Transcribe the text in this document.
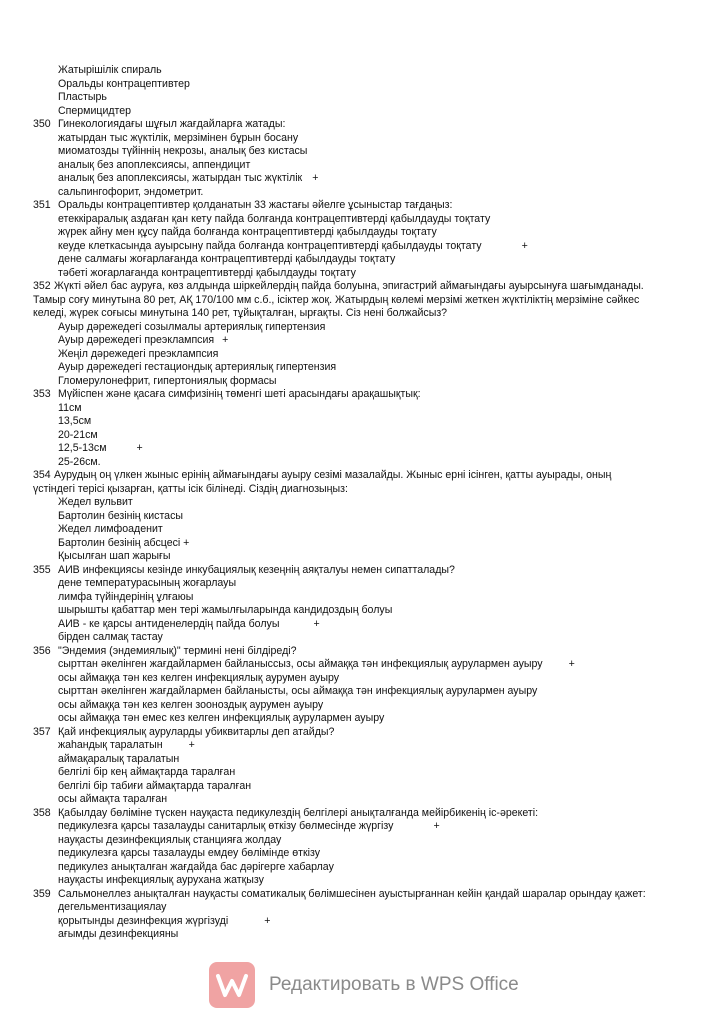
Жатырішілік спираль
Оральды контрацептивтер
Пластырь
Спермицидтер
350 Гинекологиядағы шұғыл жағдайларға жатады:
жатырдан тыс жүктілік, мерзімінен бұрын босану
миоматозды түйіннің некрозы, аналық без кистасы
аналық без апоплексиясы, аппендицит
аналық без апоплексиясы, жатырдан тыс жүктілік +
сальпингофорит, эндометрит.
351 Оральды контрацептивтер қолданатын 33 жастағы әйелге ұсыныстар тағдаңыз:
етеккіраралық аздаған қан кету пайда болғанда контрацептивтерді қабылдауды тоқтату
жүрек айну мен құсу пайда болғанда контрацептивтерді қабылдауды тоқтату
кеуде клеткасында ауырсыну пайда болғанда контрацептивтерді қабылдауды тоқтату	+
дене салмағы жоғарлағанда контрацептивтерді қабылдауды тоқтату
тәбеті жоғарлағанда контрацептивтерді қабылдауды тоқтату
352 Жүкті әйел бас ауруға, көз алдында шіркейлердің пайда болуына, эпигастрий аймағындағы ауырсынуға шағымданады.
Тамыр соғу минутына 80 рет, АҚ 170/100 мм с.б., ісіктер жоқ. Жатырдың көлемі мерзімі жеткен жүктіліктің мерзіміне сәйкес
келеді, жүрек соғысы минутына 140 рет, тұйықталған, ырғақты. Сіз нені болжайсыз?
Ауыр дәрежедегі созылмалы артериялық гипертензия
Ауыр дәрежедегі преэклампсия +
Жеңіл дәрежедегі преэклампсия
Ауыр дәрежедегі гестациондық артериялық гипертензия
Гломерулонефрит, гипертониялық формасы
353 Мүйіспен және қасаға симфизінің төменгі шеті арасындағы арақашықтық:
11см
13,5см
20-21см
12,5-13см	+
25-26см.
354 Аурудың оң үлкен жыныс ерінің аймағындағы ауыру сезімі мазалайды. Жыныс ерні ісінген, қатты ауырады, оның
үстіндегі терісі қызарған, қатты ісік білінеді. Сіздің диагнозыңыз:
Жедел вульвит
Бартолин безінің кистасы
Жедел лимфоаденит
Бартолин безінің абсцесі +
Қысылған шап жарығы
355 АИВ инфекциясы кезінде инкубациялық кезеңнің аяқталуы немен сипатталады?
дене температурасының жоғарлауы
лимфа түйіндерінің ұлғаюы
шырышты қабаттар мен тері жамылғыларында кандидоздың болуы
АИВ - ке қарсы антиденелердің пайда болуы	+
бірден салмақ тастау
356 "Эндемия (эндемиялық)" термині нені білдіреді?
сырттан әкелінген жағдайлармен байланыссыз, осы аймаққа тән инфекциялық аурулармен ауыру +
осы аймаққа тән кез келген инфекциялық аурумен ауыру
сырттан әкелінген жағдайлармен байланысты, осы аймаққа тән инфекциялық аурулармен ауыру
осы аймаққа тән кез келген зооноздық аурумен ауыру
осы аймаққа тән емес кез келген инфекциялық аурулармен ауыру
357 Қай инфекциялық ауруларды убиквитарлы деп атайды?
жаһандық таралатын +
аймақаралық таралатын
белгілі бір кең аймақтарда таралған
белгілі бір табиғи аймақтарда таралған
осы аймақта таралған
358 Қабылдау бөліміне түскен науқаста педикулездің белгілері анықталғанда мейірбикенің іс-әрекеті:
педикулезға қарсы тазалауды санитарлық өткізу бөлмесінде жүргізу	+
науқасты дезинфекциялық станцияға жолдау
педикулезға қарсы тазалауды емдеу бөлімінде өткізу
педикулез анықталған жағдайда бас дәрігерге хабарлау
науқасты инфекциялық аурухана жатқызу
359 Сальмонеллез анықталған науқасты соматикалық бөлімшесінен ауыстырғаннан кейін қандай шаралар орындау қажет:
дегельментизациялау
қорытынды дезинфекция жүргізуді	+
ағымды дезинфекцияны
Редактировать в WPS Office
